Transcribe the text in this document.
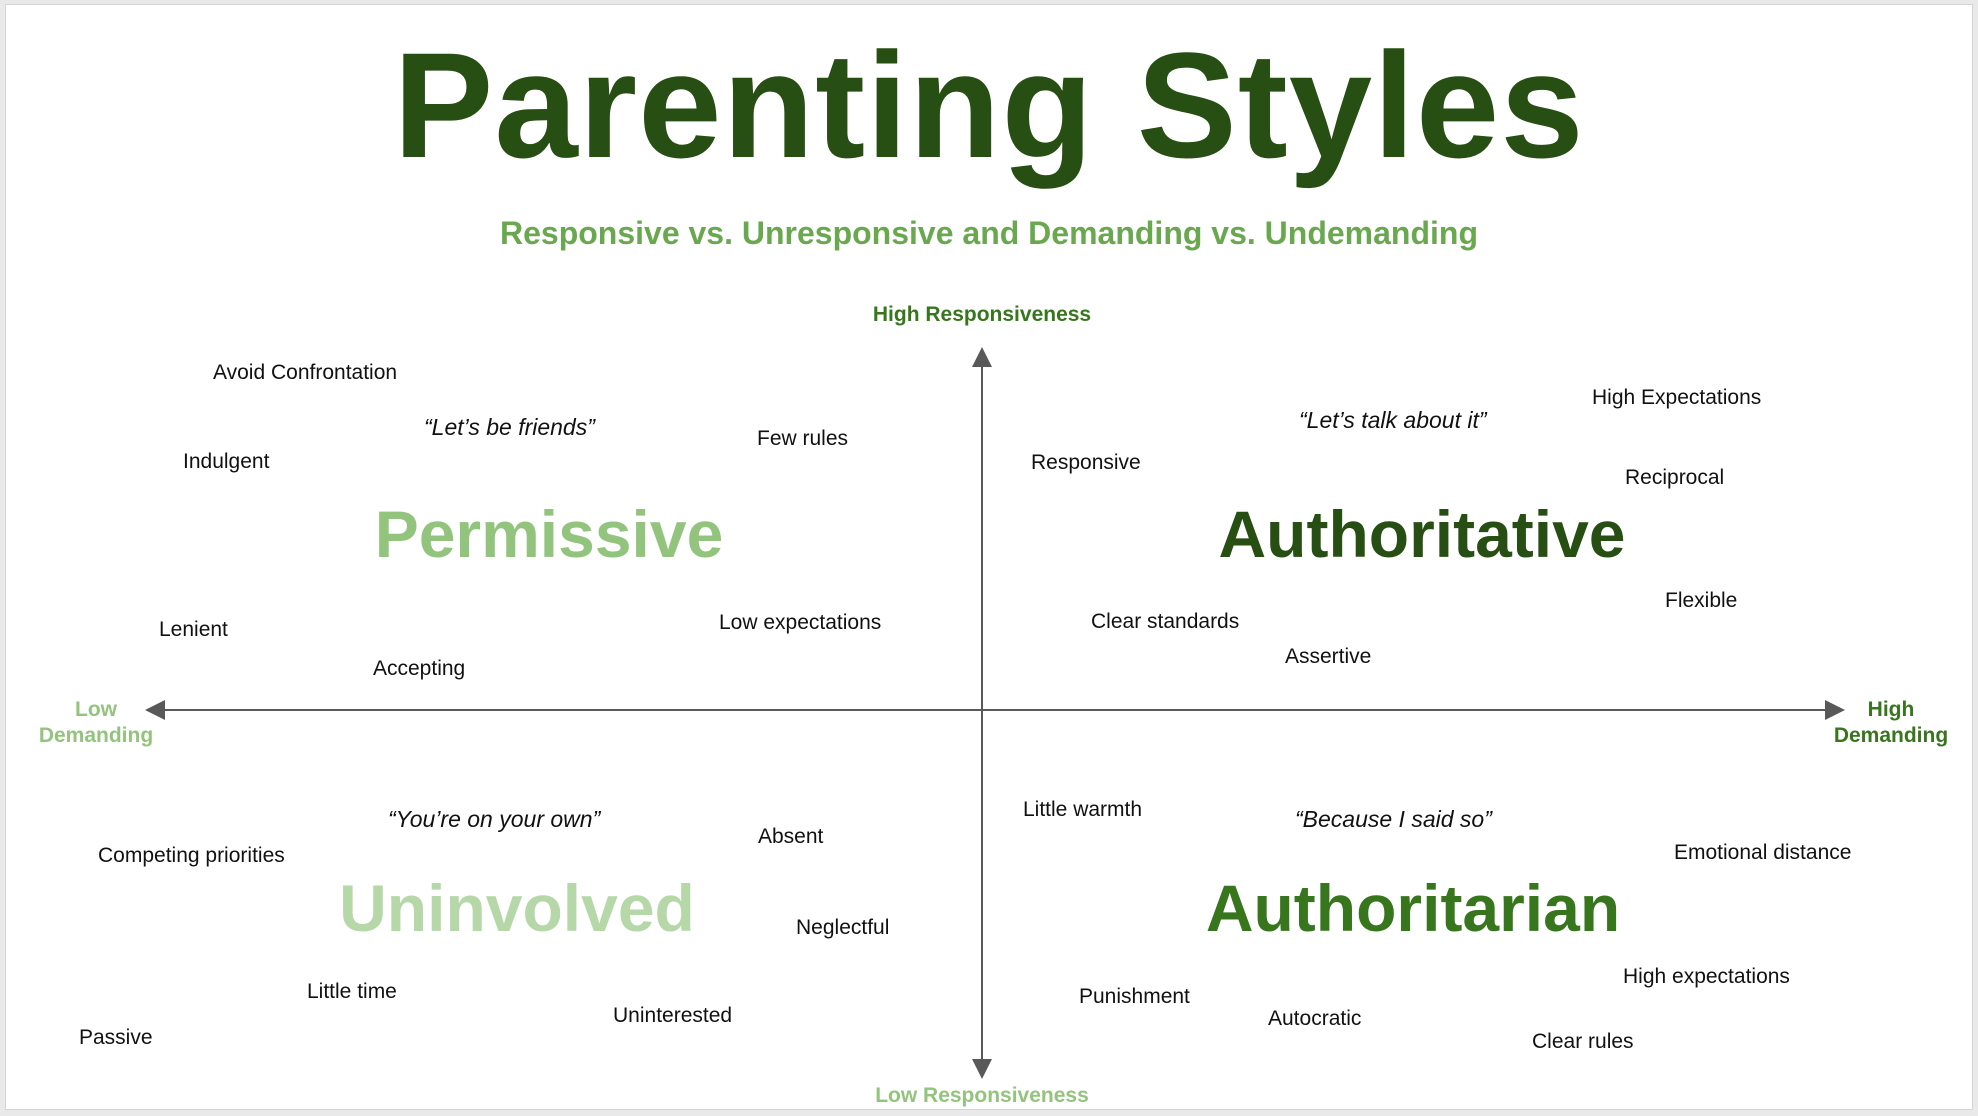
Parenting Styles
Responsive vs. Unresponsive and Demanding vs. Undemanding
High Responsiveness
Low Responsiveness
Low
Demanding
High
Demanding
Permissive
“Let’s be friends”
Avoid Confrontation
Indulgent
Few rules
Lenient
Accepting
Low expectations
Authoritative
“Let’s talk about it”
High Expectations
Responsive
Reciprocal
Flexible
Clear standards
Assertive
Uninvolved
“You’re on your own”
Competing priorities
Absent
Neglectful
Little time
Uninterested
Passive
Authoritarian
“Because I said so”
Little warmth
Emotional distance
Punishment
Autocratic
High expectations
Clear rules
